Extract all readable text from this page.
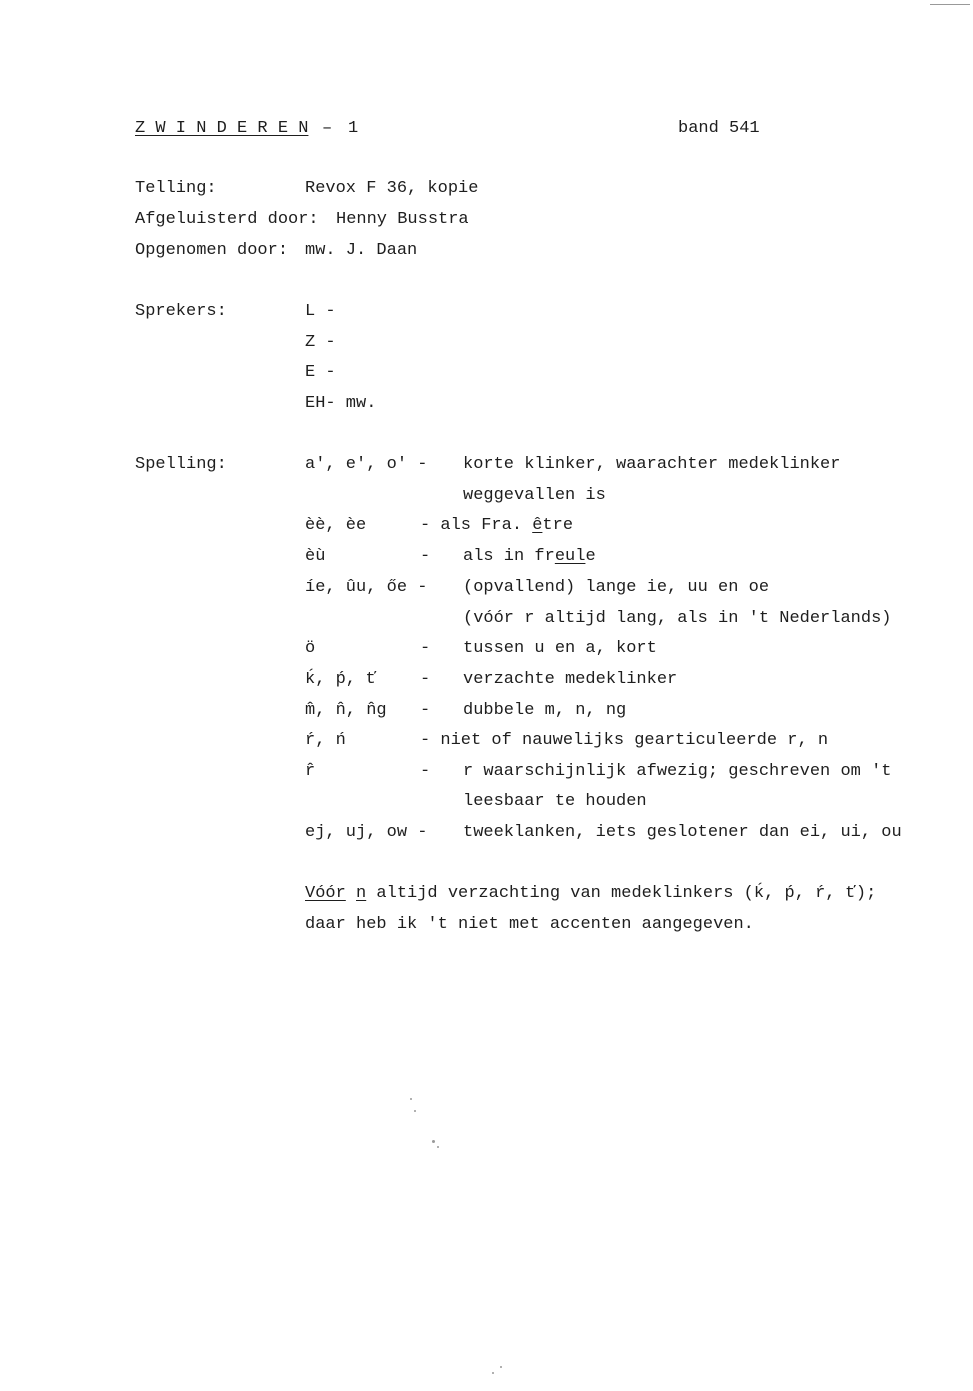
Z W I N D E R E N – 1	band 541
Telling:	Revox F 36, kopie
Afgeluisterd door: Henny Busstra
Opgenomen door: mw. J. Daan
Sprekers:	L -
Z -
E -
EH- mw.
Spelling:	a', e', o' - korte klinker, waarachter medeklinker
weggevallen is
èè, èe	- als Fra. être
èù	- als in freule
íe, ûu, őe - (opvallend) lange ie, uu en oe
(vóór r altijd lang, als in 't Nederlands)
ö	- tussen u en a, kort
ḱ, ṕ, ť	- verzachte medeklinker
m̂, n̂, n̂g - dubbele m, n, ng
ŕ, ń	- niet of nauwelijks gearticuleerde r, n
r̂	- r waarschijnlijk afwezig; geschreven om 't
leesbaar te houden
ej, uj, ow - tweeklanken, iets geslotener dan ei, ui, ou
Vóór n altijd verzachting van medeklinkers (ḱ, ṕ, ŕ, ť);
daar heb ik 't niet met accenten aangegeven.
